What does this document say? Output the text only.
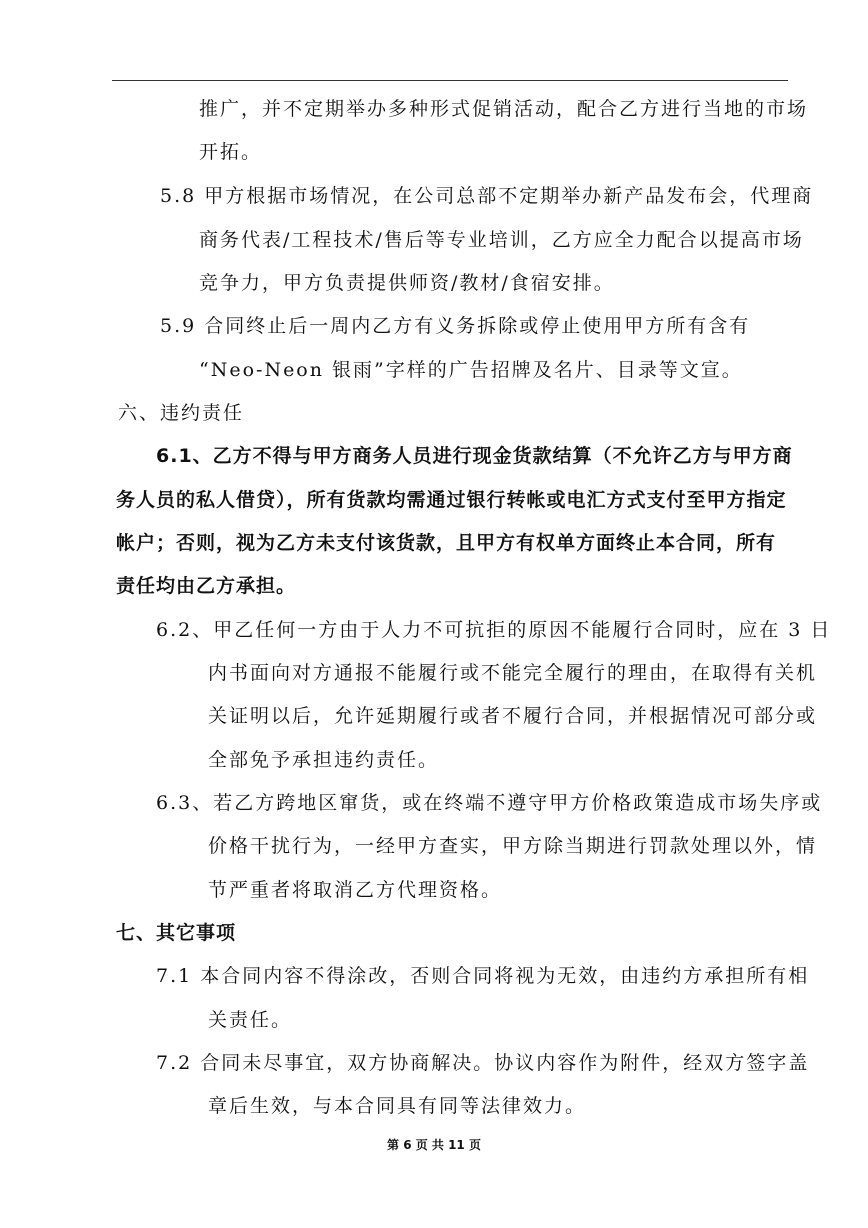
推广，并不定期举办多种形式促销活动，配合乙方进行当地的市场
开拓。
5.8 甲方根据市场情况，在公司总部不定期举办新产品发布会，代理商
商务代表/工程技术/售后等专业培训，乙方应全力配合以提高市场
竞争力，甲方负责提供师资/教材/食宿安排。
5.9 合同终止后一周内乙方有义务拆除或停止使用甲方所有含有
“Neo-Neon 银雨”字样的广告招牌及名片、目录等文宣。
六、违约责任
6.1、乙方不得与甲方商务人员进行现金货款结算（不允许乙方与甲方商
务人员的私人借贷），所有货款均需通过银行转帐或电汇方式支付至甲方指定
帐户；否则，视为乙方未支付该货款，且甲方有权单方面终止本合同，所有
责任均由乙方承担。
6.2、甲乙任何一方由于人力不可抗拒的原因不能履行合同时，应在 3 日
内书面向对方通报不能履行或不能完全履行的理由，在取得有关机
关证明以后，允许延期履行或者不履行合同，并根据情况可部分或
全部免予承担违约责任。
6.3、若乙方跨地区窜货，或在终端不遵守甲方价格政策造成市场失序或
价格干扰行为，一经甲方查实，甲方除当期进行罚款处理以外，情
节严重者将取消乙方代理资格。
七、其它事项
7.1 本合同内容不得涂改，否则合同将视为无效，由违约方承担所有相
关责任。
7.2 合同未尽事宜，双方协商解决。协议内容作为附件，经双方签字盖
章后生效，与本合同具有同等法律效力。
第 6 页 共 11 页
